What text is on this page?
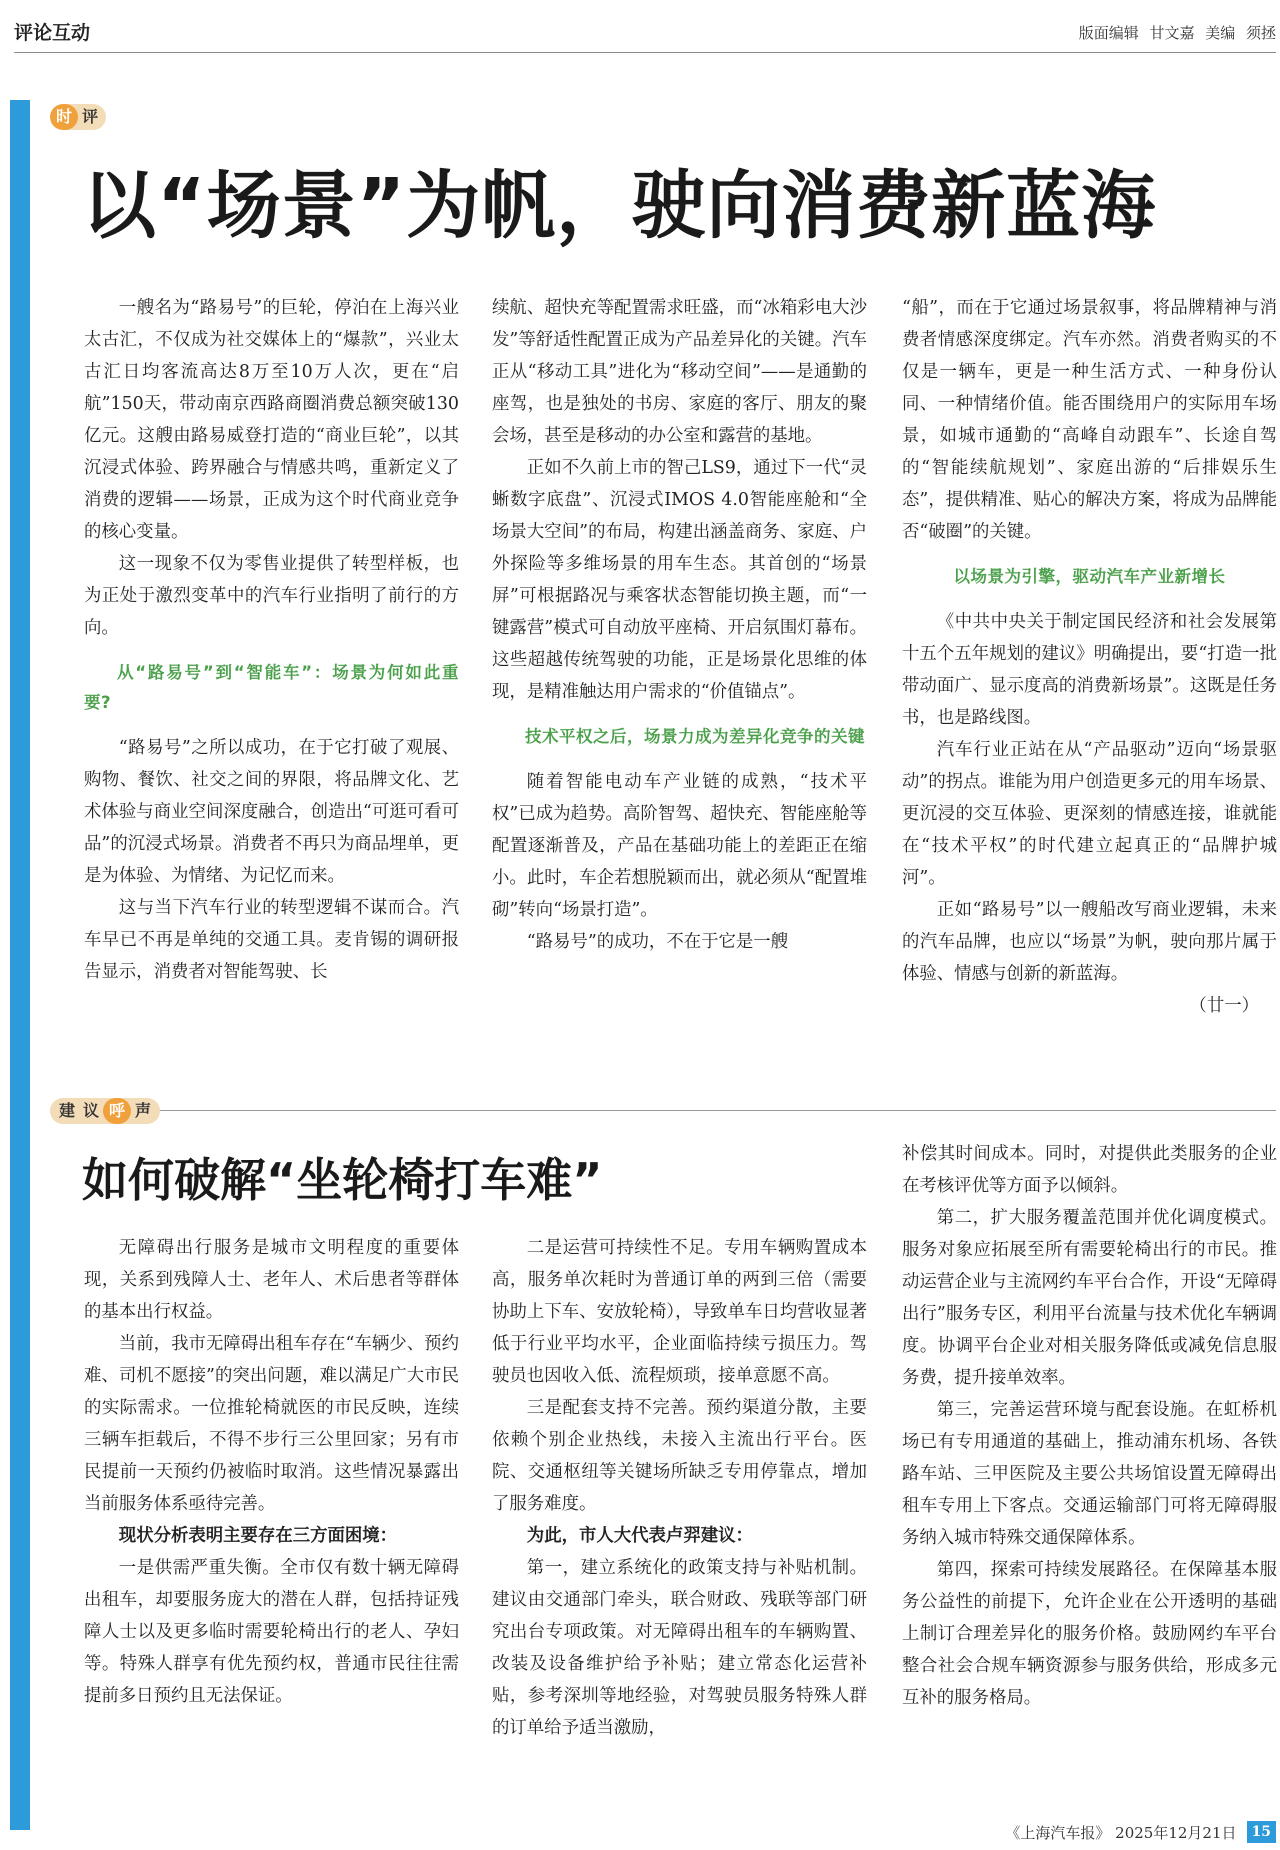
评论互动	版面编辑 甘文嘉 美编 须拯
时 评
以“场景”为帆，驶向消费新蓝海

一艘名为“路易号”的巨轮，停泊在上海兴业太古汇，不仅成为社交媒体上的“爆款”，兴业太古汇日均客流高达8万至10万人次，更在“启航”150天，带动南京西路商圈消费总额突破130亿元。这艘由路易威登打造的“商业巨轮”，以其沉浸式体验、跨界融合与情感共鸣，重新定义了消费的逻辑——场景，正成为这个时代商业竞争的核心变量。

这一现象不仅为零售业提供了转型样板，也为正处于激烈变革中的汽车行业指明了前行的方向。

从“路易号”到“智能车”：场景为何如此重要?

“路易号”之所以成功，在于它打破了观展、购物、餐饮、社交之间的界限，将品牌文化、艺术体验与商业空间深度融合，创造出“可逛可看可品”的沉浸式场景。消费者不再只为商品埋单，更是为体验、为情绪、为记忆而来。

这与当下汽车行业的转型逻辑不谋而合。汽车早已不再是单纯的交通工具。麦肯锡的调研报告显示，消费者对智能驾驶、长

续航、超快充等配置需求旺盛，而“冰箱彩电大沙发”等舒适性配置正成为产品差异化的关键。汽车正从“移动工具”进化为“移动空间”——是通勤的座驾，也是独处的书房、家庭的客厅、朋友的聚会场，甚至是移动的办公室和露营的基地。

正如不久前上市的智己LS9，通过下一代“灵蜥数字底盘”、沉浸式IMOS 4.0智能座舱和“全场景大空间”的布局，构建出涵盖商务、家庭、户外探险等多维场景的用车生态。其首创的“场景屏”可根据路况与乘客状态智能切换主题，而“一键露营”模式可自动放平座椅、开启氛围灯幕布。这些超越传统驾驶的功能，正是场景化思维的体现，是精准触达用户需求的“价值锚点”。

技术平权之后，场景力成为差异化竞争的关键

随着智能电动车产业链的成熟，“技术平权”已成为趋势。高阶智驾、超快充、智能座舱等配置逐渐普及，产品在基础功能上的差距正在缩小。此时，车企若想脱颖而出，就必须从“配置堆砌”转向“场景打造”。

“路易号”的成功，不在于它是一艘

“船”，而在于它通过场景叙事，将品牌精神与消费者情感深度绑定。汽车亦然。消费者购买的不仅是一辆车，更是一种生活方式、一种身份认同、一种情绪价值。能否围绕用户的实际用车场景，如城市通勤的“高峰自动跟车”、长途自驾的“智能续航规划”、家庭出游的“后排娱乐生态”，提供精准、贴心的解决方案，将成为品牌能否“破圈”的关键。

以场景为引擎，驱动汽车产业新增长

《中共中央关于制定国民经济和社会发展第十五个五年规划的建议》明确提出，要“打造一批带动面广、显示度高的消费新场景”。这既是任务书，也是路线图。

汽车行业正站在从“产品驱动”迈向“场景驱动”的拐点。谁能为用户创造更多元的用车场景、更沉浸的交互体验、更深刻的情感连接，谁就能在“技术平权”的时代建立起真正的“品牌护城河”。

正如“路易号”以一艘船改写商业逻辑，未来的汽车品牌，也应以“场景”为帆，驶向那片属于体验、情感与创新的新蓝海。

（廿一）

建 议 呼 声
如何破解“坐轮椅打车难”

无障碍出行服务是城市文明程度的重要体现，关系到残障人士、老年人、术后患者等群体的基本出行权益。

当前，我市无障碍出租车存在“车辆少、预约难、司机不愿接”的突出问题，难以满足广大市民的实际需求。一位推轮椅就医的市民反映，连续三辆车拒载后，不得不步行三公里回家；另有市民提前一天预约仍被临时取消。这些情况暴露出当前服务体系亟待完善。

现状分析表明主要存在三方面困境：

一是供需严重失衡。全市仅有数十辆无障碍出租车，却要服务庞大的潜在人群，包括持证残障人士以及更多临时需要轮椅出行的老人、孕妇等。特殊人群享有优先预约权，普通市民往往需提前多日预约且无法保证。

二是运营可持续性不足。专用车辆购置成本高，服务单次耗时为普通订单的两到三倍（需要协助上下车、安放轮椅），导致单车日均营收显著低于行业平均水平，企业面临持续亏损压力。驾驶员也因收入低、流程烦琐，接单意愿不高。

三是配套支持不完善。预约渠道分散，主要依赖个别企业热线，未接入主流出行平台。医院、交通枢纽等关键场所缺乏专用停靠点，增加了服务难度。

为此，市人大代表卢羿建议：

第一，建立系统化的政策支持与补贴机制。建议由交通部门牵头，联合财政、残联等部门研究出台专项政策。对无障碍出租车的车辆购置、改装及设备维护给予补贴；建立常态化运营补贴，参考深圳等地经验，对驾驶员服务特殊人群的订单给予适当激励，

补偿其时间成本。同时，对提供此类服务的企业在考核评优等方面予以倾斜。

第二，扩大服务覆盖范围并优化调度模式。服务对象应拓展至所有需要轮椅出行的市民。推动运营企业与主流网约车平台合作，开设“无障碍出行”服务专区，利用平台流量与技术优化车辆调度。协调平台企业对相关服务降低或减免信息服务费，提升接单效率。

第三，完善运营环境与配套设施。在虹桥机场已有专用通道的基础上，推动浦东机场、各铁路车站、三甲医院及主要公共场馆设置无障碍出租车专用上下客点。交通运输部门可将无障碍服务纳入城市特殊交通保障体系。

第四，探索可持续发展路径。在保障基本服务公益性的前提下，允许企业在公开透明的基础上制订合理差异化的服务价格。鼓励网约车平台整合社会合规车辆资源参与服务供给，形成多元互补的服务格局。

《上海汽车报》 2025年12月21日	15
